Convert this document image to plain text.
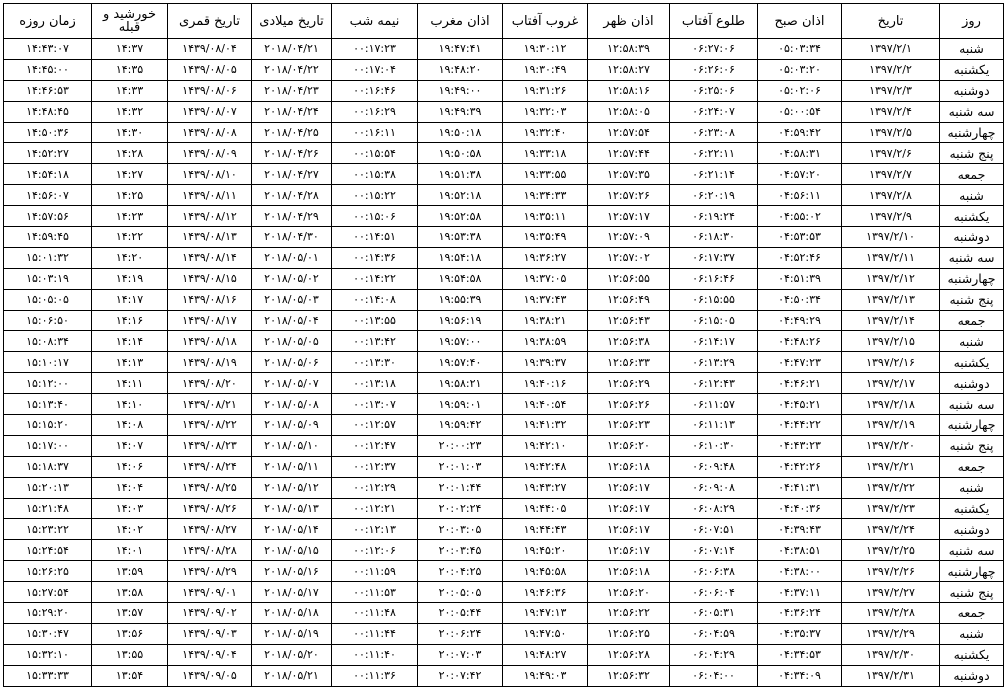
روز	تاریخ	اذان صبح	طلوع آفتاب	اذان ظهر	غروب آفتاب	اذان مغرب	نیمه شب	تاریخ میلادی	تاریخ قمری	خورشید و قبله	زمان روزه
شنبه	۱۳۹۷/۲/۱	۰۵:۰۳:۳۴	۰۶:۲۷:۰۶	۱۲:۵۸:۳۹	۱۹:۳۰:۱۲	۱۹:۴۷:۴۱	۰۰:۱۷:۲۳	۲۰۱۸/۰۴/۲۱	۱۴۳۹/۰۸/۰۴	۱۴:۳۷	۱۴:۴۳:۰۷
یکشنبه	۱۳۹۷/۲/۲	۰۵:۰۳:۲۰	۰۶:۲۶:۰۶	۱۲:۵۸:۲۷	۱۹:۳۰:۴۹	۱۹:۴۸:۲۰	۰۰:۱۷:۰۴	۲۰۱۸/۰۴/۲۲	۱۴۳۹/۰۸/۰۵	۱۴:۳۵	۱۴:۴۵:۰۰
دوشنبه	۱۳۹۷/۲/۳	۰۵:۰۲:۰۶	۰۶:۲۵:۰۶	۱۲:۵۸:۱۶	۱۹:۳۱:۲۶	۱۹:۴۹:۰۰	۰۰:۱۶:۴۶	۲۰۱۸/۰۴/۲۳	۱۴۳۹/۰۸/۰۶	۱۴:۳۳	۱۴:۴۶:۵۳
سه شنبه	۱۳۹۷/۲/۴	۰۵:۰۰:۵۴	۰۶:۲۴:۰۷	۱۲:۵۸:۰۵	۱۹:۳۲:۰۳	۱۹:۴۹:۳۹	۰۰:۱۶:۲۹	۲۰۱۸/۰۴/۲۴	۱۴۳۹/۰۸/۰۷	۱۴:۳۲	۱۴:۴۸:۴۵
چهارشنبه	۱۳۹۷/۲/۵	۰۴:۵۹:۴۲	۰۶:۲۳:۰۸	۱۲:۵۷:۵۴	۱۹:۳۲:۴۰	۱۹:۵۰:۱۸	۰۰:۱۶:۱۱	۲۰۱۸/۰۴/۲۵	۱۴۳۹/۰۸/۰۸	۱۴:۳۰	۱۴:۵۰:۳۶
پنج شنبه	۱۳۹۷/۲/۶	۰۴:۵۸:۳۱	۰۶:۲۲:۱۱	۱۲:۵۷:۴۴	۱۹:۳۳:۱۸	۱۹:۵۰:۵۸	۰۰:۱۵:۵۴	۲۰۱۸/۰۴/۲۶	۱۴۳۹/۰۸/۰۹	۱۴:۲۸	۱۴:۵۲:۲۷
جمعه	۱۳۹۷/۲/۷	۰۴:۵۷:۲۰	۰۶:۲۱:۱۴	۱۲:۵۷:۳۵	۱۹:۳۳:۵۵	۱۹:۵۱:۳۸	۰۰:۱۵:۳۸	۲۰۱۸/۰۴/۲۷	۱۴۳۹/۰۸/۱۰	۱۴:۲۷	۱۴:۵۴:۱۸
شنبه	۱۳۹۷/۲/۸	۰۴:۵۶:۱۱	۰۶:۲۰:۱۹	۱۲:۵۷:۲۶	۱۹:۳۴:۳۳	۱۹:۵۲:۱۸	۰۰:۱۵:۲۲	۲۰۱۸/۰۴/۲۸	۱۴۳۹/۰۸/۱۱	۱۴:۲۵	۱۴:۵۶:۰۷
یکشنبه	۱۳۹۷/۲/۹	۰۴:۵۵:۰۲	۰۶:۱۹:۲۴	۱۲:۵۷:۱۷	۱۹:۳۵:۱۱	۱۹:۵۲:۵۸	۰۰:۱۵:۰۶	۲۰۱۸/۰۴/۲۹	۱۴۳۹/۰۸/۱۲	۱۴:۲۳	۱۴:۵۷:۵۶
دوشنبه	۱۳۹۷/۲/۱۰	۰۴:۵۳:۵۳	۰۶:۱۸:۳۰	۱۲:۵۷:۰۹	۱۹:۳۵:۴۹	۱۹:۵۳:۳۸	۰۰:۱۴:۵۱	۲۰۱۸/۰۴/۳۰	۱۴۳۹/۰۸/۱۳	۱۴:۲۲	۱۴:۵۹:۴۵
سه شنبه	۱۳۹۷/۲/۱۱	۰۴:۵۲:۴۶	۰۶:۱۷:۳۷	۱۲:۵۷:۰۲	۱۹:۳۶:۲۷	۱۹:۵۴:۱۸	۰۰:۱۴:۳۶	۲۰۱۸/۰۵/۰۱	۱۴۳۹/۰۸/۱۴	۱۴:۲۰	۱۵:۰۱:۳۲
چهارشنبه	۱۳۹۷/۲/۱۲	۰۴:۵۱:۳۹	۰۶:۱۶:۴۶	۱۲:۵۶:۵۵	۱۹:۳۷:۰۵	۱۹:۵۴:۵۸	۰۰:۱۴:۲۲	۲۰۱۸/۰۵/۰۲	۱۴۳۹/۰۸/۱۵	۱۴:۱۹	۱۵:۰۳:۱۹
پنج شنبه	۱۳۹۷/۲/۱۳	۰۴:۵۰:۳۴	۰۶:۱۵:۵۵	۱۲:۵۶:۴۹	۱۹:۳۷:۴۳	۱۹:۵۵:۳۹	۰۰:۱۴:۰۸	۲۰۱۸/۰۵/۰۳	۱۴۳۹/۰۸/۱۶	۱۴:۱۷	۱۵:۰۵:۰۵
جمعه	۱۳۹۷/۲/۱۴	۰۴:۴۹:۲۹	۰۶:۱۵:۰۵	۱۲:۵۶:۴۳	۱۹:۳۸:۲۱	۱۹:۵۶:۱۹	۰۰:۱۳:۵۵	۲۰۱۸/۰۵/۰۴	۱۴۳۹/۰۸/۱۷	۱۴:۱۶	۱۵:۰۶:۵۰
شنبه	۱۳۹۷/۲/۱۵	۰۴:۴۸:۲۶	۰۶:۱۴:۱۷	۱۲:۵۶:۳۸	۱۹:۳۸:۵۹	۱۹:۵۷:۰۰	۰۰:۱۳:۴۲	۲۰۱۸/۰۵/۰۵	۱۴۳۹/۰۸/۱۸	۱۴:۱۴	۱۵:۰۸:۳۴
یکشنبه	۱۳۹۷/۲/۱۶	۰۴:۴۷:۲۳	۰۶:۱۳:۲۹	۱۲:۵۶:۳۳	۱۹:۳۹:۳۷	۱۹:۵۷:۴۰	۰۰:۱۳:۳۰	۲۰۱۸/۰۵/۰۶	۱۴۳۹/۰۸/۱۹	۱۴:۱۳	۱۵:۱۰:۱۷
دوشنبه	۱۳۹۷/۲/۱۷	۰۴:۴۶:۲۱	۰۶:۱۲:۴۳	۱۲:۵۶:۲۹	۱۹:۴۰:۱۶	۱۹:۵۸:۲۱	۰۰:۱۳:۱۸	۲۰۱۸/۰۵/۰۷	۱۴۳۹/۰۸/۲۰	۱۴:۱۱	۱۵:۱۲:۰۰
سه شنبه	۱۳۹۷/۲/۱۸	۰۴:۴۵:۲۱	۰۶:۱۱:۵۷	۱۲:۵۶:۲۶	۱۹:۴۰:۵۴	۱۹:۵۹:۰۱	۰۰:۱۳:۰۷	۲۰۱۸/۰۵/۰۸	۱۴۳۹/۰۸/۲۱	۱۴:۱۰	۱۵:۱۳:۴۰
چهارشنبه	۱۳۹۷/۲/۱۹	۰۴:۴۴:۲۲	۰۶:۱۱:۱۳	۱۲:۵۶:۲۳	۱۹:۴۱:۳۲	۱۹:۵۹:۴۲	۰۰:۱۲:۵۷	۲۰۱۸/۰۵/۰۹	۱۴۳۹/۰۸/۲۲	۱۴:۰۸	۱۵:۱۵:۲۰
پنج شنبه	۱۳۹۷/۲/۲۰	۰۴:۴۳:۲۳	۰۶:۱۰:۳۰	۱۲:۵۶:۲۰	۱۹:۴۲:۱۰	۲۰:۰۰:۲۳	۰۰:۱۲:۴۷	۲۰۱۸/۰۵/۱۰	۱۴۳۹/۰۸/۲۳	۱۴:۰۷	۱۵:۱۷:۰۰
جمعه	۱۳۹۷/۲/۲۱	۰۴:۴۲:۲۶	۰۶:۰۹:۴۸	۱۲:۵۶:۱۸	۱۹:۴۲:۴۸	۲۰:۰۱:۰۳	۰۰:۱۲:۳۷	۲۰۱۸/۰۵/۱۱	۱۴۳۹/۰۸/۲۴	۱۴:۰۶	۱۵:۱۸:۳۷
شنبه	۱۳۹۷/۲/۲۲	۰۴:۴۱:۳۱	۰۶:۰۹:۰۸	۱۲:۵۶:۱۷	۱۹:۴۳:۲۷	۲۰:۰۱:۴۴	۰۰:۱۲:۲۹	۲۰۱۸/۰۵/۱۲	۱۴۳۹/۰۸/۲۵	۱۴:۰۴	۱۵:۲۰:۱۳
یکشنبه	۱۳۹۷/۲/۲۳	۰۴:۴۰:۳۶	۰۶:۰۸:۲۹	۱۲:۵۶:۱۷	۱۹:۴۴:۰۵	۲۰:۰۲:۲۴	۰۰:۱۲:۲۱	۲۰۱۸/۰۵/۱۳	۱۴۳۹/۰۸/۲۶	۱۴:۰۳	۱۵:۲۱:۴۸
دوشنبه	۱۳۹۷/۲/۲۴	۰۴:۳۹:۴۳	۰۶:۰۷:۵۱	۱۲:۵۶:۱۷	۱۹:۴۴:۴۳	۲۰:۰۳:۰۵	۰۰:۱۲:۱۳	۲۰۱۸/۰۵/۱۴	۱۴۳۹/۰۸/۲۷	۱۴:۰۲	۱۵:۲۳:۲۲
سه شنبه	۱۳۹۷/۲/۲۵	۰۴:۳۸:۵۱	۰۶:۰۷:۱۴	۱۲:۵۶:۱۷	۱۹:۴۵:۲۰	۲۰:۰۳:۴۵	۰۰:۱۲:۰۶	۲۰۱۸/۰۵/۱۵	۱۴۳۹/۰۸/۲۸	۱۴:۰۱	۱۵:۲۴:۵۴
چهارشنبه	۱۳۹۷/۲/۲۶	۰۴:۳۸:۰۰	۰۶:۰۶:۳۸	۱۲:۵۶:۱۸	۱۹:۴۵:۵۸	۲۰:۰۴:۲۵	۰۰:۱۱:۵۹	۲۰۱۸/۰۵/۱۶	۱۴۳۹/۰۸/۲۹	۱۳:۵۹	۱۵:۲۶:۲۵
پنج شنبه	۱۳۹۷/۲/۲۷	۰۴:۳۷:۱۱	۰۶:۰۶:۰۴	۱۲:۵۶:۲۰	۱۹:۴۶:۳۶	۲۰:۰۵:۰۵	۰۰:۱۱:۵۳	۲۰۱۸/۰۵/۱۷	۱۴۳۹/۰۹/۰۱	۱۳:۵۸	۱۵:۲۷:۵۴
جمعه	۱۳۹۷/۲/۲۸	۰۴:۳۶:۲۴	۰۶:۰۵:۳۱	۱۲:۵۶:۲۲	۱۹:۴۷:۱۳	۲۰:۰۵:۴۴	۰۰:۱۱:۴۸	۲۰۱۸/۰۵/۱۸	۱۴۳۹/۰۹/۰۲	۱۳:۵۷	۱۵:۲۹:۲۰
شنبه	۱۳۹۷/۲/۲۹	۰۴:۳۵:۳۷	۰۶:۰۴:۵۹	۱۲:۵۶:۲۵	۱۹:۴۷:۵۰	۲۰:۰۶:۲۴	۰۰:۱۱:۴۴	۲۰۱۸/۰۵/۱۹	۱۴۳۹/۰۹/۰۳	۱۳:۵۶	۱۵:۳۰:۴۷
یکشنبه	۱۳۹۷/۲/۳۰	۰۴:۳۴:۵۳	۰۶:۰۴:۲۹	۱۲:۵۶:۲۸	۱۹:۴۸:۲۷	۲۰:۰۷:۰۳	۰۰:۱۱:۴۰	۲۰۱۸/۰۵/۲۰	۱۴۳۹/۰۹/۰۴	۱۳:۵۵	۱۵:۳۲:۱۰
دوشنبه	۱۳۹۷/۲/۳۱	۰۴:۳۴:۰۹	۰۶:۰۴:۰۰	۱۲:۵۶:۳۲	۱۹:۴۹:۰۳	۲۰:۰۷:۴۲	۰۰:۱۱:۳۶	۲۰۱۸/۰۵/۲۱	۱۴۳۹/۰۹/۰۵	۱۳:۵۴	۱۵:۳۳:۳۳
